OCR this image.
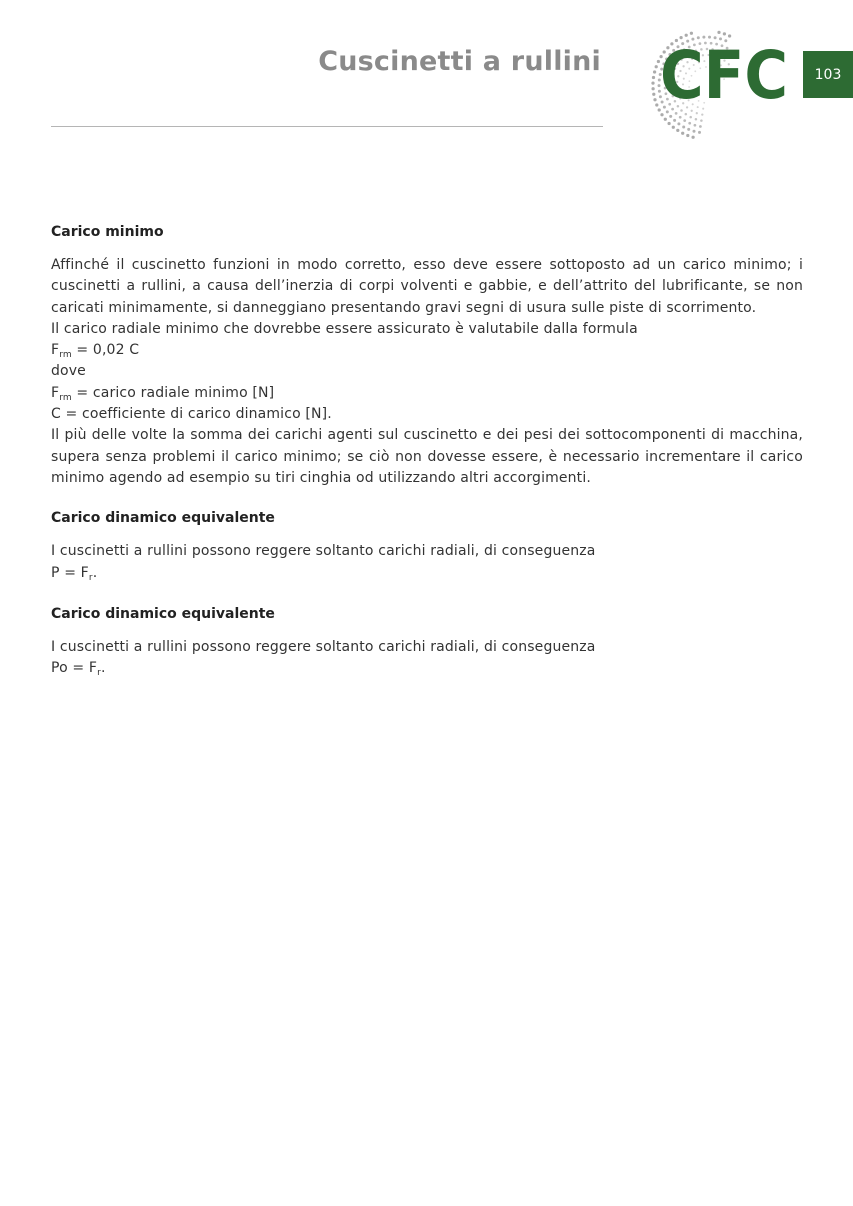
Cuscinetti a rullini CFC 103
Carico minimo

Affinché il cuscinetto funzioni in modo corretto, esso deve essere sottoposto ad un carico minimo; i cuscinetti a rullini, a causa dell’inerzia di corpi volventi e gabbie, e dell’attrito del lubrificante, se non caricati minimamente, si danneggiano presentando gravi segni di usura sulle piste di scorrimento.

Il carico radiale minimo che dovrebbe essere assicurato è valutabile dalla formula

$F_{rm} = 0,02$ C

dove

$F_{rm}$ = carico radiale minimo [N]

C = coefficiente di carico dinamico [N].

Il più delle volte la somma dei carichi agenti sul cuscinetto e dei pesi dei sottocomponenti di macchina, supera senza problemi il carico minimo; se ciò non dovesse essere, è necessario incrementare il carico minimo agendo ad esempio su tiri cinghia od utilizzando altri accorgimenti.

Carico dinamico equivalente

I cuscinetti a rullini possono reggere soltanto carichi radiali, di conseguenza

$P = F_r$.

Carico dinamico equivalente

I cuscinetti a rullini possono reggere soltanto carichi radiali, di conseguenza

$Po = F_r$.
